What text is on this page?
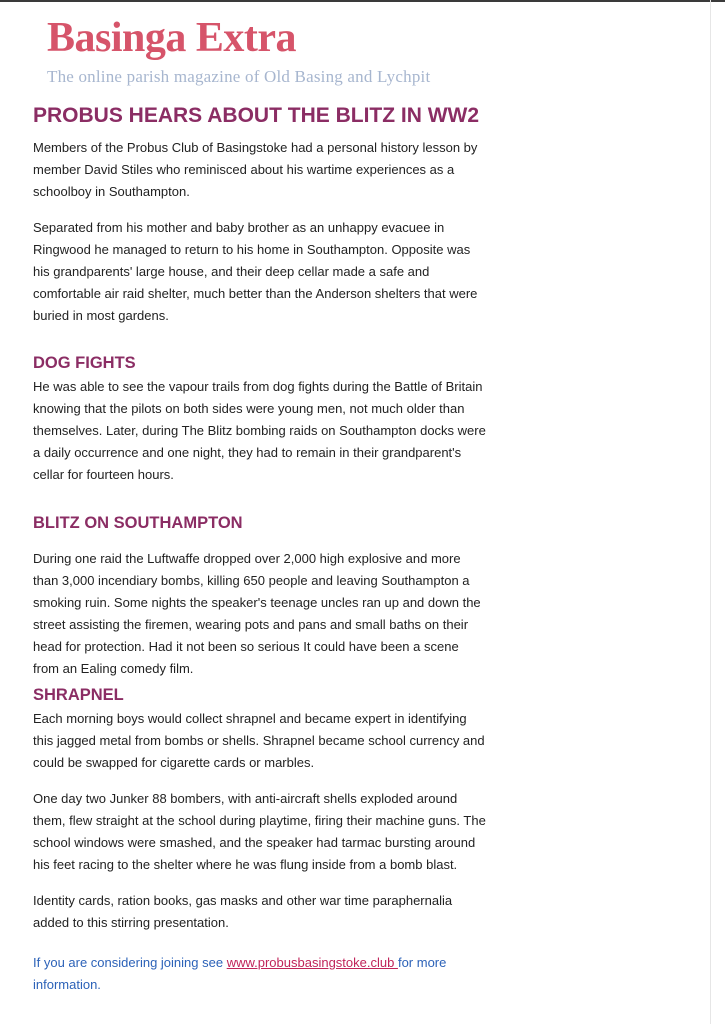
Basinga Extra
The online parish magazine of Old Basing and Lychpit
PROBUS HEARS ABOUT THE BLITZ IN WW2

Members of the Probus Club of Basingstoke had a personal history lesson by member David Stiles who reminisced about his wartime experiences as a schoolboy in Southampton.

Separated from his mother and baby brother as an unhappy evacuee in Ringwood he managed to return to his home in Southampton. Opposite was his grandparents' large house, and their deep cellar made a safe and comfortable air raid shelter, much better than the Anderson shelters that were buried in most gardens.

DOG FIGHTS

He was able to see the vapour trails from dog fights during the Battle of Britain knowing that the pilots on both sides were young men, not much older than themselves. Later, during The Blitz bombing raids on Southampton docks were a daily occurrence and one night, they had to remain in their grandparent's cellar for fourteen hours.

BLITZ ON SOUTHAMPTON

During one raid the Luftwaffe dropped over 2,000 high explosive and more than 3,000 incendiary bombs, killing 650 people and leaving Southampton a smoking ruin. Some nights the speaker's teenage uncles ran up and down the street assisting the firemen, wearing pots and pans and small baths on their head for protection. Had it not been so serious It could have been a scene from an Ealing comedy film.

SHRAPNEL

Each morning boys would collect shrapnel and became expert in identifying this jagged metal from bombs or shells. Shrapnel became school currency and could be swapped for cigarette cards or marbles.

One day two Junker 88 bombers, with anti-aircraft shells exploded around them, flew straight at the school during playtime, firing their machine guns. The school windows were smashed, and the speaker had tarmac bursting around his feet racing to the shelter where he was flung inside from a bomb blast.

Identity cards, ration books, gas masks and other war time paraphernalia added to this stirring presentation.

If you are considering joining see www.probusbasingstoke.club for more information.
